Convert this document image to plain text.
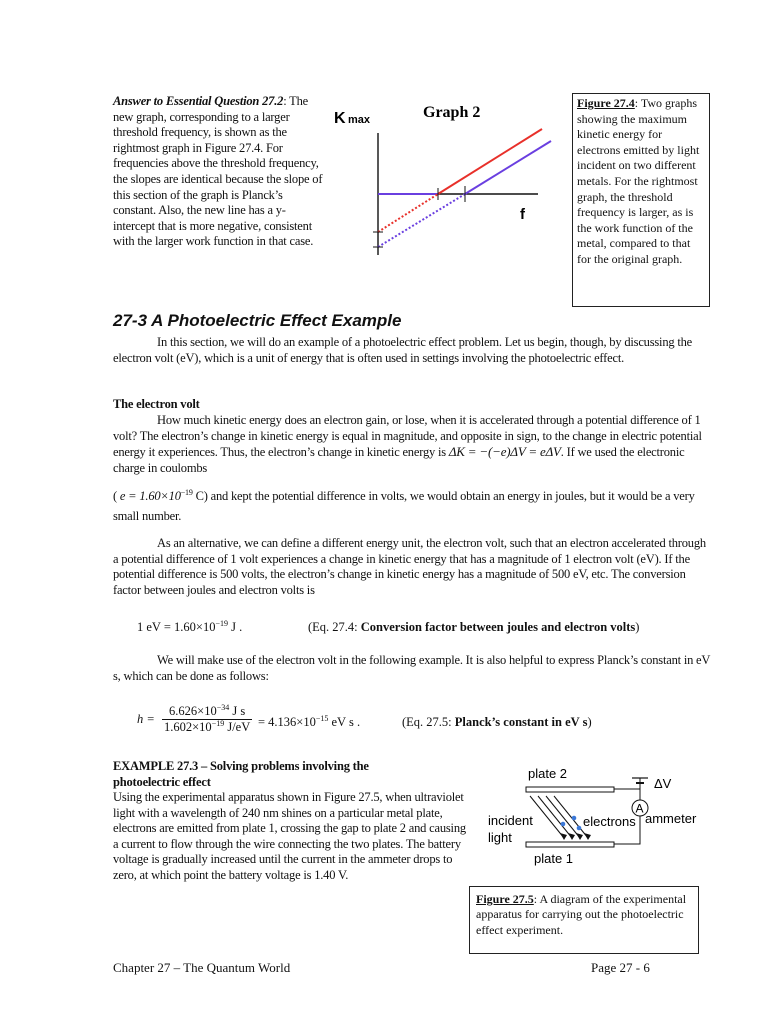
Answer to Essential Question 27.2: The new graph, corresponding to a larger threshold frequency, is shown as the rightmost graph in Figure 27.4. For frequencies above the threshold frequency, the slopes are identical because the slope of this section of the graph is Planck’s constant. Also, the new line has a y-intercept that is more negative, consistent with the larger work function in that case.
K max	Graph 2
f
Figure 27.4: Two graphs showing the maximum kinetic energy for electrons emitted by light incident on two different metals. For the rightmost graph, the threshold frequency is larger, as is the work function of the metal, compared to that for the original graph.
27-3 A Photoelectric Effect Example
In this section, we will do an example of a photoelectric effect problem. Let us begin, though, by discussing the electron volt (eV), which is a unit of energy that is often used in settings involving the photoelectric effect.
The electron volt
How much kinetic energy does an electron gain, or lose, when it is accelerated through a potential difference of 1 volt? The electron’s change in kinetic energy is equal in magnitude, and opposite in sign, to the change in electric potential energy it experiences. Thus, the electron’s change in kinetic energy is ΔK = −(−e)ΔV = eΔV. If we used the electronic charge in coulombs
( $e = 1.60\times 10^{-19}$ C) and kept the potential difference in volts, we would obtain an energy in joules, but it would be a very small number.
As an alternative, we can define a different energy unit, the electron volt, such that an electron accelerated through a potential difference of 1 volt experiences a change in kinetic energy that has a magnitude of 1 electron volt (eV). If the potential difference is 500 volts, the electron’s change in kinetic energy has a magnitude of 500 eV, etc. The conversion factor between joules and electron volts is
1 eV = $1.60\times 10^{-19}$ J .	(Eq. 27.4: Conversion factor between joules and electron volts)
We will make use of the electron volt in the following example. It is also helpful to express Planck’s constant in eV s, which can be done as follows:
$h = \frac{6.626\times 10^{-34} J s}{1.602\times 10^{-19} J/eV} = 4.136\times 10^{-15}$ eV s .	(Eq. 27.5: Planck’s constant in eV s)
EXAMPLE 27.3 – Solving problems involving the photoelectric effect
Using the experimental apparatus shown in Figure 27.5, when ultraviolet light with a wavelength of 240 nm shines on a particular metal plate, electrons are emitted from plate 1, crossing the gap to plate 2 and causing a current to flow through the wire connecting the two plates. The battery voltage is gradually increased until the current in the ammeter drops to zero, at which point the battery voltage is 1.40 V.
plate 2
plate 1
ΔV
A
ammeter
electrons
incident
light
Figure 27.5: A diagram of the experimental apparatus for carrying out the photoelectric effect experiment.
Chapter 27 – The Quantum World	Page 27 - 6
